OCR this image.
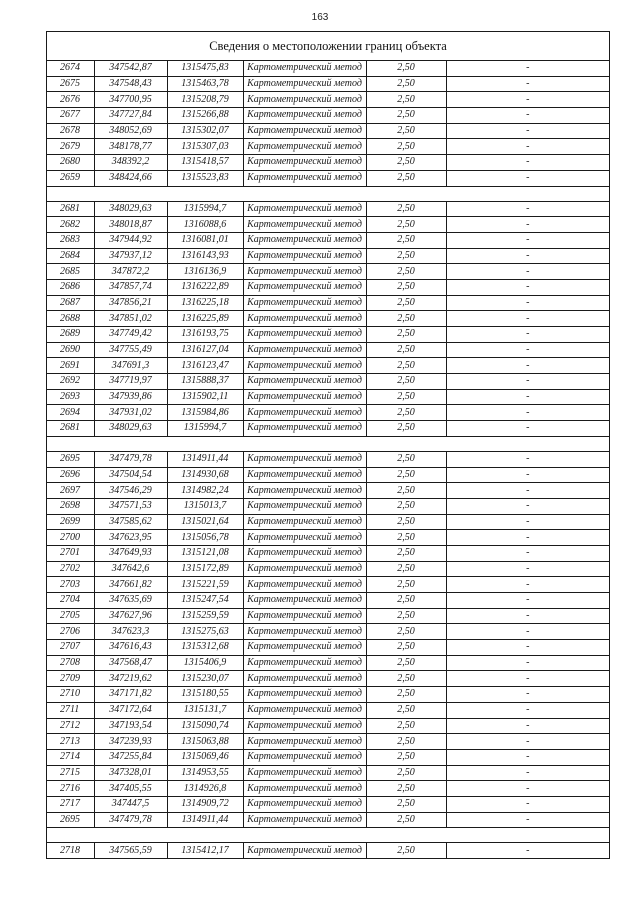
163
Сведения о местоположении границ объекта
2674	347542,87	1315475,83	Картометрический метод	2,50	-
2675	347548,43	1315463,78	Картометрический метод	2,50	-
2676	347700,95	1315208,79	Картометрический метод	2,50	-
2677	347727,84	1315266,88	Картометрический метод	2,50	-
2678	348052,69	1315302,07	Картометрический метод	2,50	-
2679	348178,77	1315307,03	Картометрический метод	2,50	-
2680	348392,2	1315418,57	Картометрический метод	2,50	-
2659	348424,66	1315523,83	Картометрический метод	2,50	-

2681	348029,63	1315994,7	Картометрический метод	2,50	-
2682	348018,87	1316088,6	Картометрический метод	2,50	-
2683	347944,92	1316081,01	Картометрический метод	2,50	-
2684	347937,12	1316143,93	Картометрический метод	2,50	-
2685	347872,2	1316136,9	Картометрический метод	2,50	-
2686	347857,74	1316222,89	Картометрический метод	2,50	-
2687	347856,21	1316225,18	Картометрический метод	2,50	-
2688	347851,02	1316225,89	Картометрический метод	2,50	-
2689	347749,42	1316193,75	Картометрический метод	2,50	-
2690	347755,49	1316127,04	Картометрический метод	2,50	-
2691	347691,3	1316123,47	Картометрический метод	2,50	-
2692	347719,97	1315888,37	Картометрический метод	2,50	-
2693	347939,86	1315902,11	Картометрический метод	2,50	-
2694	347931,02	1315984,86	Картометрический метод	2,50	-
2681	348029,63	1315994,7	Картометрический метод	2,50	-

2695	347479,78	1314911,44	Картометрический метод	2,50	-
2696	347504,54	1314930,68	Картометрический метод	2,50	-
2697	347546,29	1314982,24	Картометрический метод	2,50	-
2698	347571,53	1315013,7	Картометрический метод	2,50	-
2699	347585,62	1315021,64	Картометрический метод	2,50	-
2700	347623,95	1315056,78	Картометрический метод	2,50	-
2701	347649,93	1315121,08	Картометрический метод	2,50	-
2702	347642,6	1315172,89	Картометрический метод	2,50	-
2703	347661,82	1315221,59	Картометрический метод	2,50	-
2704	347635,69	1315247,54	Картометрический метод	2,50	-
2705	347627,96	1315259,59	Картометрический метод	2,50	-
2706	347623,3	1315275,63	Картометрический метод	2,50	-
2707	347616,43	1315312,68	Картометрический метод	2,50	-
2708	347568,47	1315406,9	Картометрический метод	2,50	-
2709	347219,62	1315230,07	Картометрический метод	2,50	-
2710	347171,82	1315180,55	Картометрический метод	2,50	-
2711	347172,64	1315131,7	Картометрический метод	2,50	-
2712	347193,54	1315090,74	Картометрический метод	2,50	-
2713	347239,93	1315063,88	Картометрический метод	2,50	-
2714	347255,84	1315069,46	Картометрический метод	2,50	-
2715	347328,01	1314953,55	Картометрический метод	2,50	-
2716	347405,55	1314926,8	Картометрический метод	2,50	-
2717	347447,5	1314909,72	Картометрический метод	2,50	-
2695	347479,78	1314911,44	Картометрический метод	2,50	-

2718	347565,59	1315412,17	Картометрический метод	2,50	-
